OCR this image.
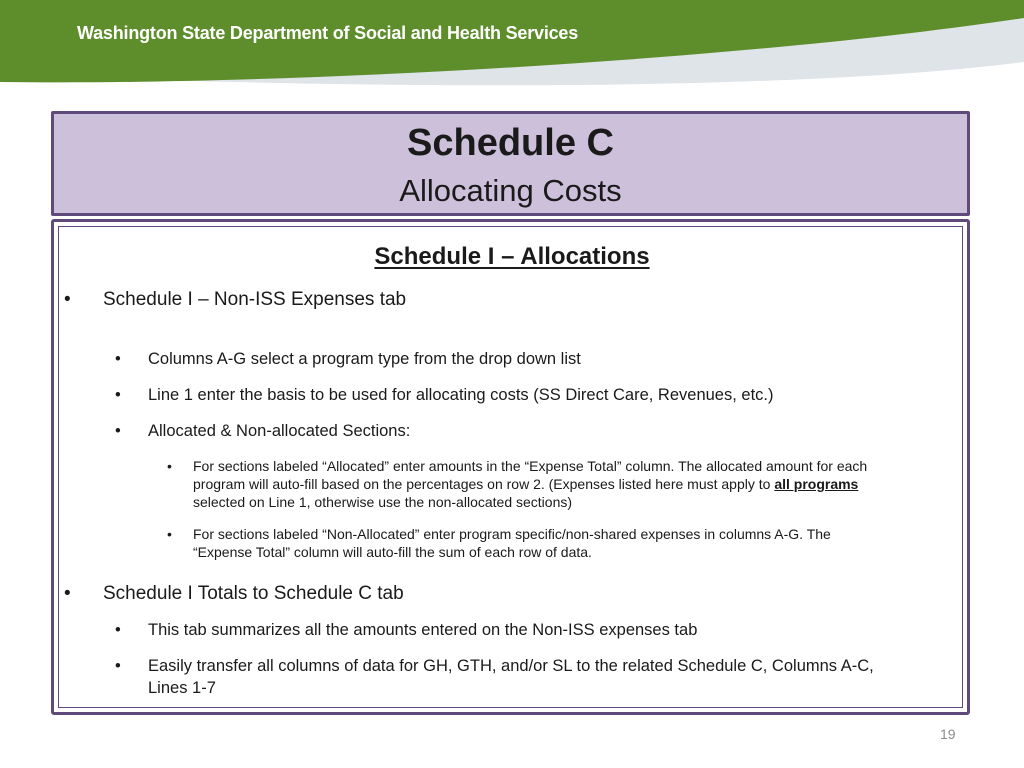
Washington State Department of Social and Health Services
Schedule C
Allocating Costs
Schedule I – Allocations
• Schedule I – Non-ISS Expenses tab
• Columns A-G select a program type from the drop down list
• Line 1 enter the basis to be used for allocating costs (SS Direct Care, Revenues, etc.)
• Allocated & Non-allocated Sections:
• For sections labeled “Allocated” enter amounts in the “Expense Total” column. The allocated amount for each
program will auto-fill based on the percentages on row 2. (Expenses listed here must apply to all programs
selected on Line 1, otherwise use the non-allocated sections)
• For sections labeled “Non-Allocated” enter program specific/non-shared expenses in columns A-G. The
“Expense Total” column will auto-fill the sum of each row of data.
• Schedule I Totals to Schedule C tab
• This tab summarizes all the amounts entered on the Non-ISS expenses tab
• Easily transfer all columns of data for GH, GTH, and/or SL to the related Schedule C, Columns A-C,
Lines 1-7
19
